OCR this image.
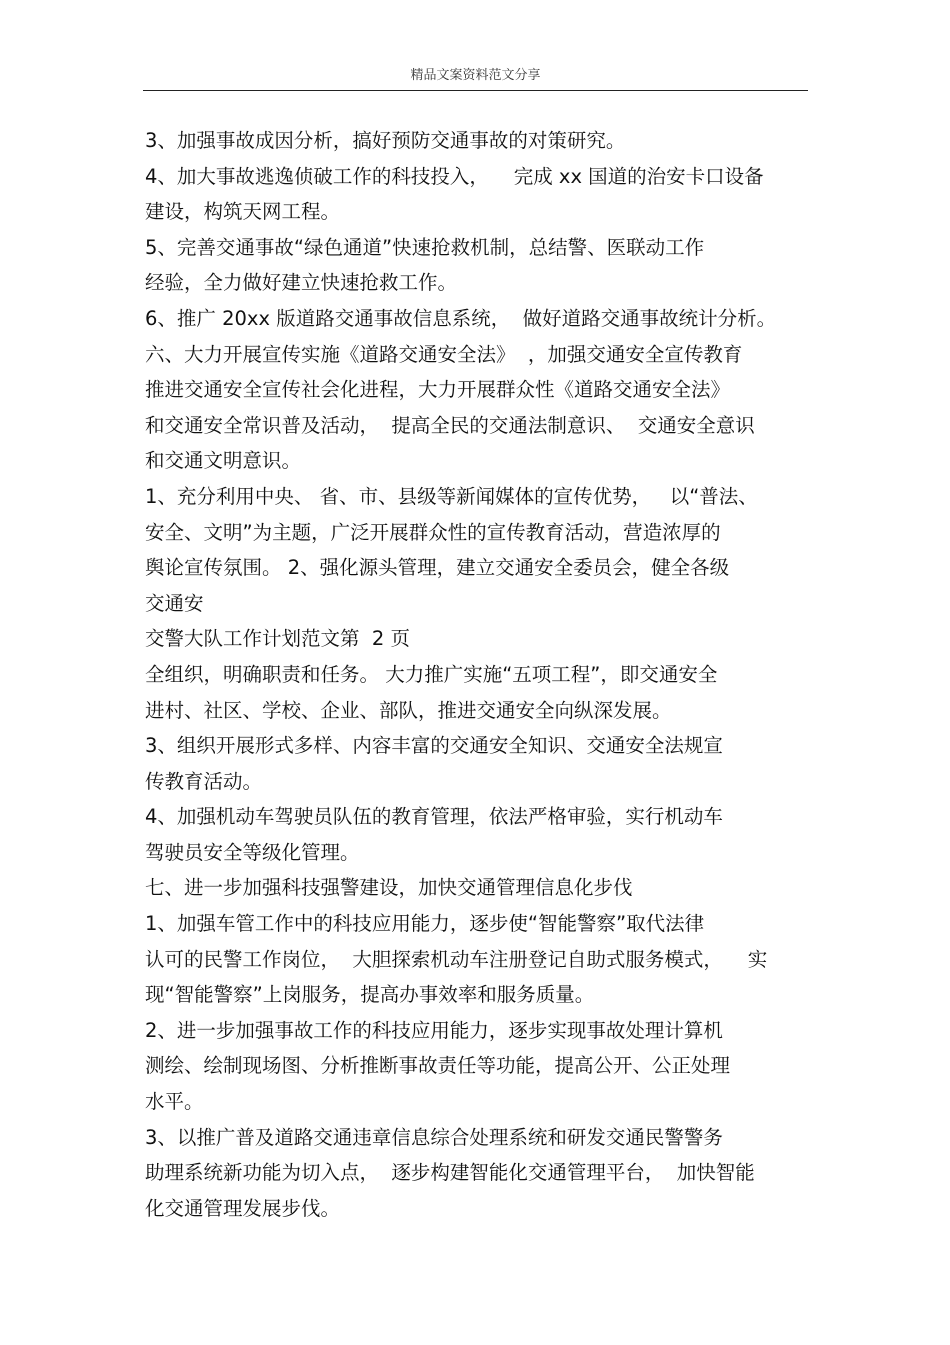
精品文案资料范文分享
3、加强事故成因分析，搞好预防交通事故的对策研究。
4、加大事故逃逸侦破工作的科技投入，    完成 xx 国道的治安卡口设备
建设，构筑天网工程。
5、完善交通事故“绿色通道”快速抢救机制，总结警、医联动工作
经验，全力做好建立快速抢救工作。
6、推广 20xx 版道路交通事故信息系统，  做好道路交通事故统计分析。
六、大力开展宣传实施《道路交通安全法》  ，加强交通安全宣传教育
推进交通安全宣传社会化进程，大力开展群众性《道路交通安全法》
和交通安全常识普及活动，  提高全民的交通法制意识、  交通安全意识
和交通文明意识。
1、充分利用中央、 省、市、县级等新闻媒体的宣传优势，   以“普法、
安全、文明”为主题，广泛开展群众性的宣传教育活动，营造浓厚的
舆论宣传氛围。 2、强化源头管理，建立交通安全委员会，健全各级
交通安
交警大队工作计划范文第  2 页
全组织，明确职责和任务。 大力推广实施“五项工程”，即交通安全
进村、社区、学校、企业、部队，推进交通安全向纵深发展。
3、组织开展形式多样、内容丰富的交通安全知识、交通安全法规宣
传教育活动。
4、加强机动车驾驶员队伍的教育管理，依法严格审验，实行机动车
驾驶员安全等级化管理。
七、进一步加强科技强警建设，加快交通管理信息化步伐
1、加强车管工作中的科技应用能力，逐步使“智能警察”取代法律
认可的民警工作岗位，  大胆探索机动车注册登记自助式服务模式，    实
现“智能警察”上岗服务，提高办事效率和服务质量。
2、进一步加强事故工作的科技应用能力，逐步实现事故处理计算机
测绘、绘制现场图、分析推断事故责任等功能，提高公开、公正处理
水平。
3、以推广普及道路交通违章信息综合处理系统和研发交通民警警务
助理系统新功能为切入点，  逐步构建智能化交通管理平台，  加快智能
化交通管理发展步伐。
